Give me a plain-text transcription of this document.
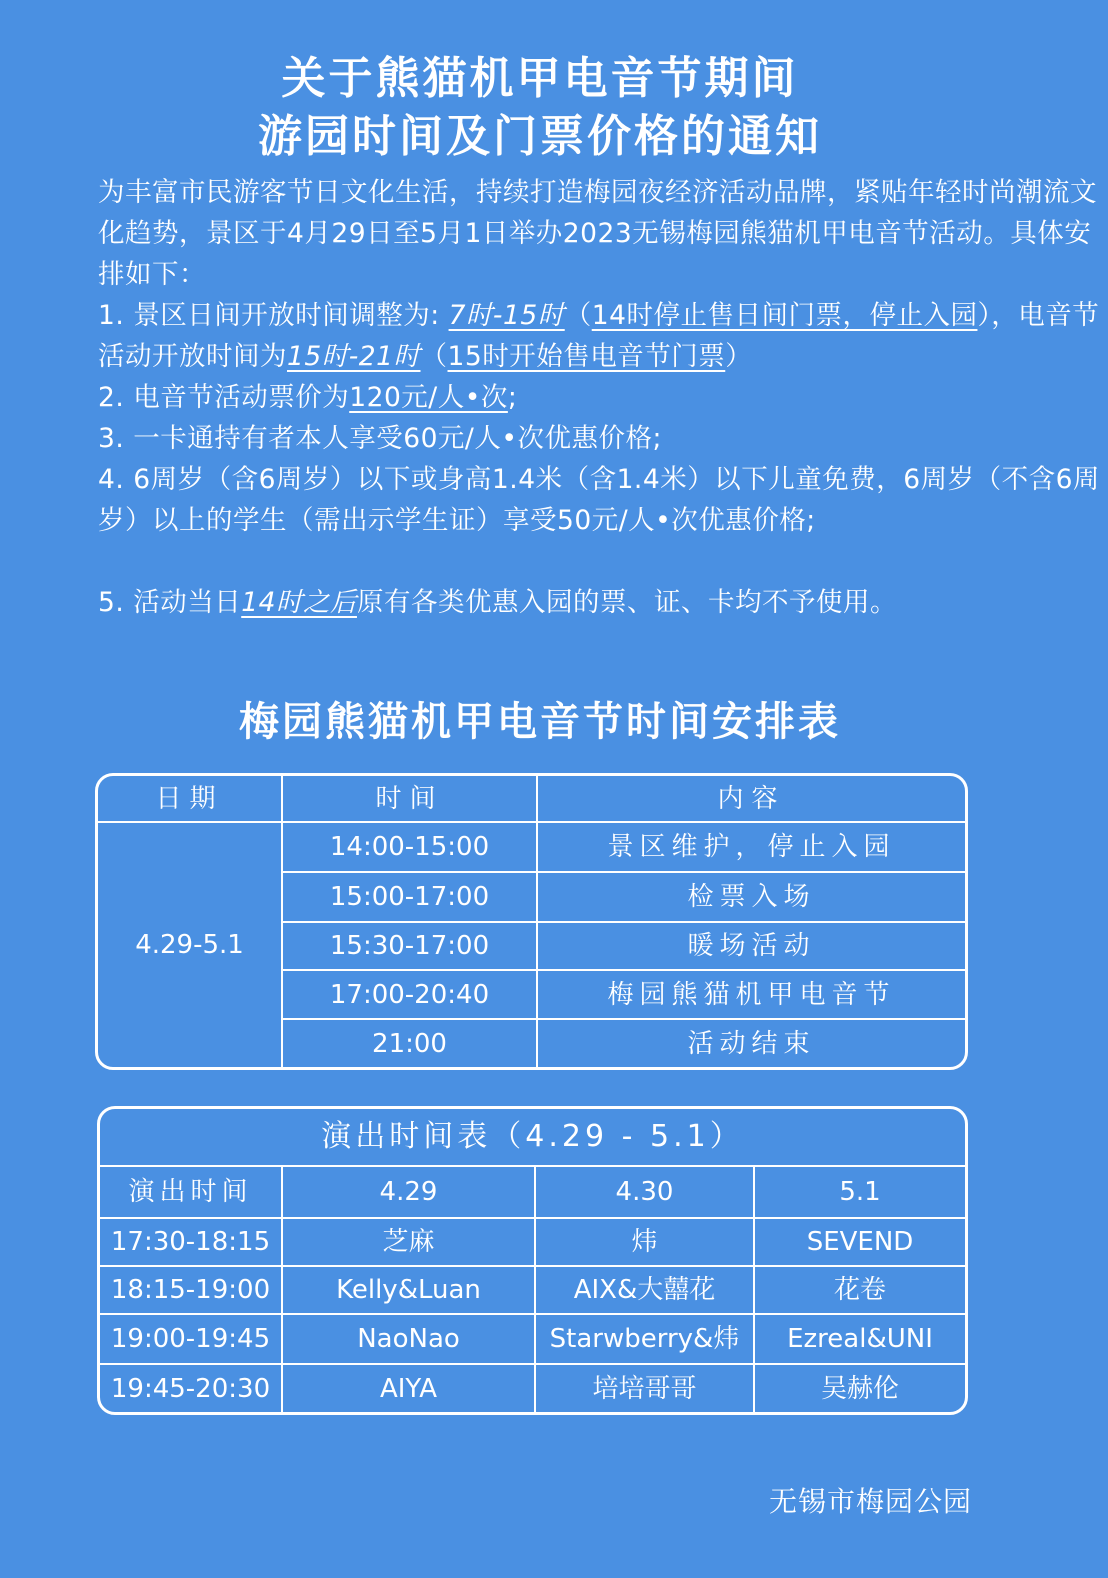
关于熊猫机甲电音节期间
游园时间及门票价格的通知
为丰富市民游客节日文化生活，持续打造梅园夜经济活动品牌，紧贴年轻时尚潮流文化趋势，景区于4月29日至5月1日举办2023无锡梅园熊猫机甲电音节活动。具体安排如下：
1. 景区日间开放时间调整为: 7时-15时（14时停止售日间门票，停止入园），电音节活动开放时间为15时-21时（15时开始售电音节门票）
2. 电音节活动票价为120元/人•次;
3. 一卡通持有者本人享受60元/人•次优惠价格;
4. 6周岁（含6周岁）以下或身高1.4米（含1.4米）以下儿童免费，6周岁（不含6周岁）以上的学生（需出示学生证）享受50元/人•次优惠价格;
5. 活动当日14时之后原有各类优惠入园的票、证、卡均不予使用。
梅园熊猫机甲电音节时间安排表
日期	时间	内容
4.29-5.1	14:00-15:00	景区维护，停止入园
	15:00-17:00	检票入场
	15:30-17:00	暖场活动
	17:00-20:40	梅园熊猫机甲电音节
	21:00	活动结束
演出时间表（4.29 - 5.1）			
演出时间	4.29	4.30	5.1
17:30-18:15	芝麻	炜	SEVEND
18:15-19:00	Kelly&Luan	AIX&大囍花	花卷
19:00-19:45	NaoNao	Starwberry&炜	Ezreal&UNI
19:45-20:30	AIYA	培培哥哥	吴赫伦
无锡市梅园公园
